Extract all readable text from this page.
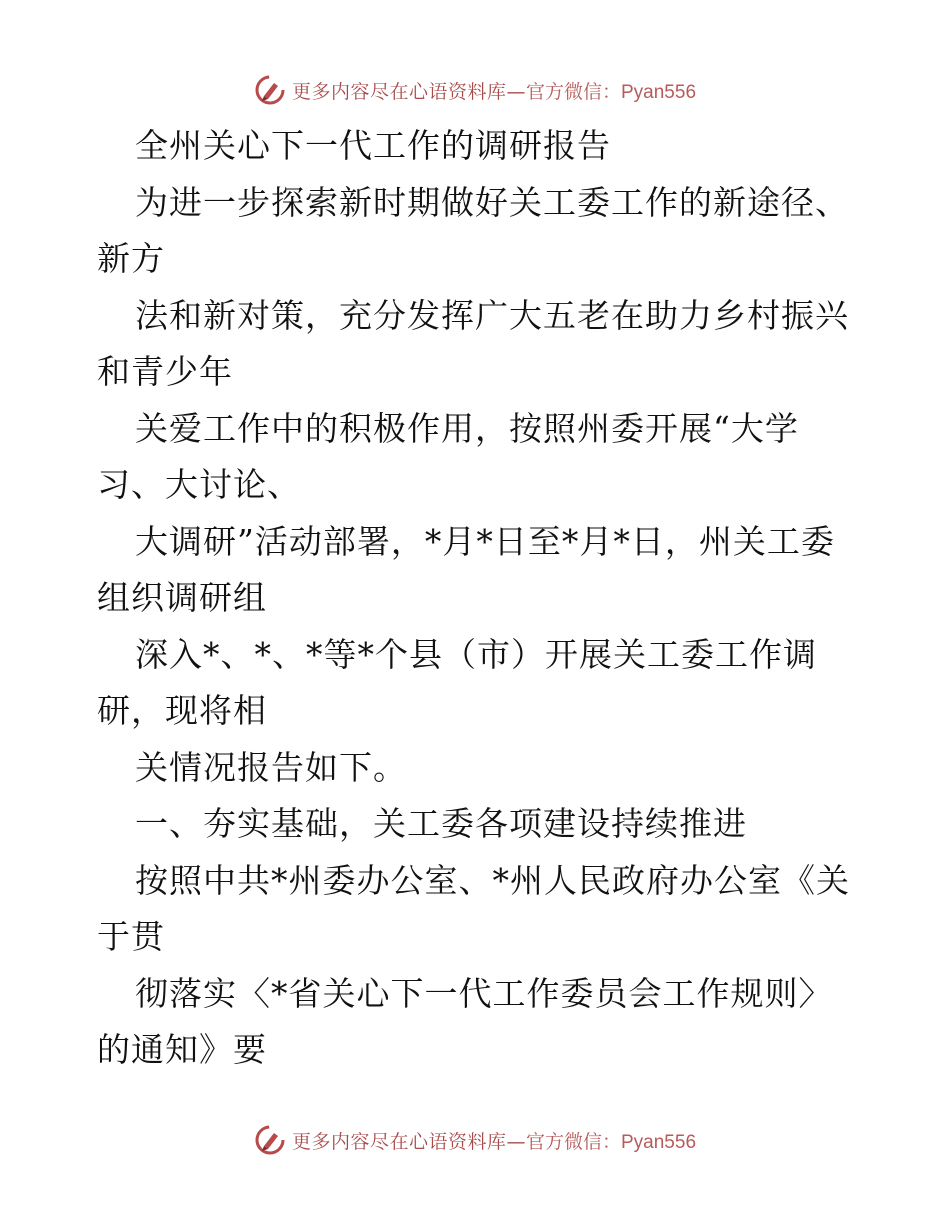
更多内容尽在心语资料库— 官方微信：Pyan556
全州关心下一代工作的调研报告
为进一步探索新时期做好关工委工作的新途径、
新方
法和新对策，充分发挥广大五老在助力乡村振兴
和青少年
关爱工作中的积极作用，按照州委开展“大学
习、大讨论、
大调研”活动部署，*月*日至*月*日，州关工委
组织调研组
深入*、*、*等*个县（市）开展关工委工作调
研，现将相
关情况报告如下。
一、夯实基础，关工委各项建设持续推进
按照中共*州委办公室、*州人民政府办公室《关
于贯
彻落实〈*省关心下一代工作委员会工作规则〉
的通知》要
更多内容尽在心语资料库— 官方微信：Pyan556
